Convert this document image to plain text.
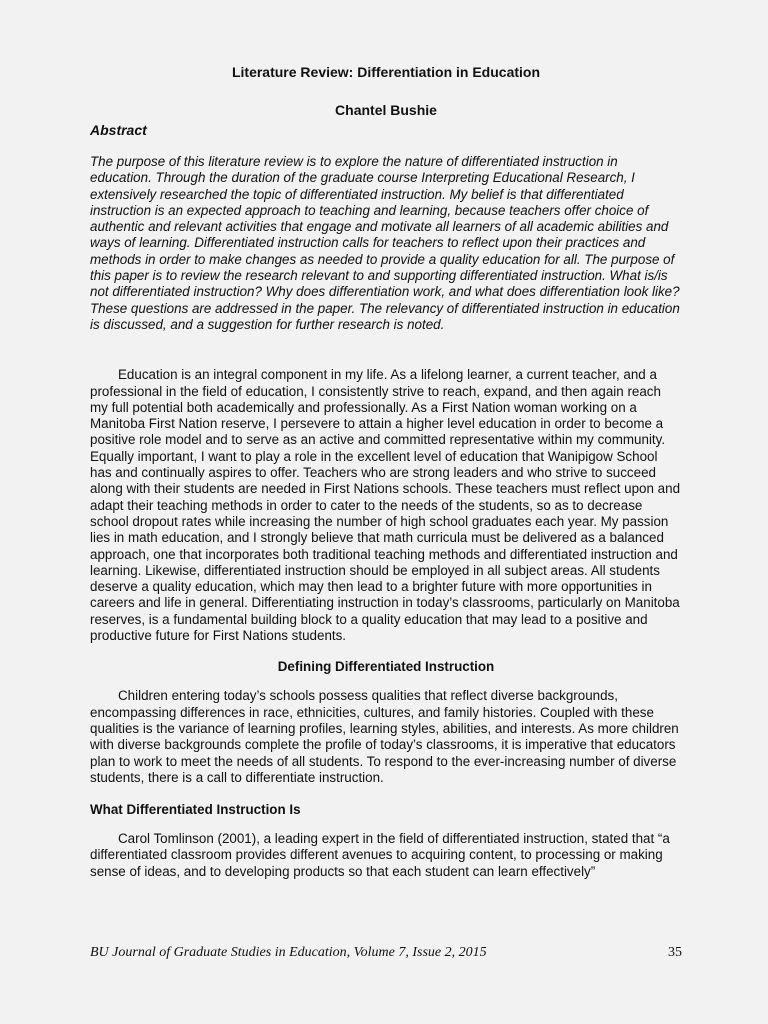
Literature Review: Differentiation in Education

Chantel Bushie

Abstract

The purpose of this literature review is to explore the nature of differentiated instruction in education. Through the duration of the graduate course Interpreting Educational Research, I extensively researched the topic of differentiated instruction. My belief is that differentiated instruction is an expected approach to teaching and learning, because teachers offer choice of authentic and relevant activities that engage and motivate all learners of all academic abilities and ways of learning. Differentiated instruction calls for teachers to reflect upon their practices and methods in order to make changes as needed to provide a quality education for all. The purpose of this paper is to review the research relevant to and supporting differentiated instruction. What is/is not differentiated instruction? Why does differentiation work, and what does differentiation look like? These questions are addressed in the paper. The relevancy of differentiated instruction in education is discussed, and a suggestion for further research is noted.

Education is an integral component in my life. As a lifelong learner, a current teacher, and a professional in the field of education, I consistently strive to reach, expand, and then again reach my full potential both academically and professionally. As a First Nation woman working on a Manitoba First Nation reserve, I persevere to attain a higher level education in order to become a positive role model and to serve as an active and committed representative within my community. Equally important, I want to play a role in the excellent level of education that Wanipigow School has and continually aspires to offer. Teachers who are strong leaders and who strive to succeed along with their students are needed in First Nations schools. These teachers must reflect upon and adapt their teaching methods in order to cater to the needs of the students, so as to decrease school dropout rates while increasing the number of high school graduates each year. My passion lies in math education, and I strongly believe that math curricula must be delivered as a balanced approach, one that incorporates both traditional teaching methods and differentiated instruction and learning. Likewise, differentiated instruction should be employed in all subject areas. All students deserve a quality education, which may then lead to a brighter future with more opportunities in careers and life in general. Differentiating instruction in today’s classrooms, particularly on Manitoba reserves, is a fundamental building block to a quality education that may lead to a positive and productive future for First Nations students.

Defining Differentiated Instruction

Children entering today’s schools possess qualities that reflect diverse backgrounds, encompassing differences in race, ethnicities, cultures, and family histories. Coupled with these qualities is the variance of learning profiles, learning styles, abilities, and interests. As more children with diverse backgrounds complete the profile of today’s classrooms, it is imperative that educators plan to work to meet the needs of all students. To respond to the ever-increasing number of diverse students, there is a call to differentiate instruction.

What Differentiated Instruction Is

Carol Tomlinson (2001), a leading expert in the field of differentiated instruction, stated that “a differentiated classroom provides different avenues to acquiring content, to processing or making sense of ideas, and to developing products so that each student can learn effectively”

BU Journal of Graduate Studies in Education, Volume 7, Issue 2, 2015	35
